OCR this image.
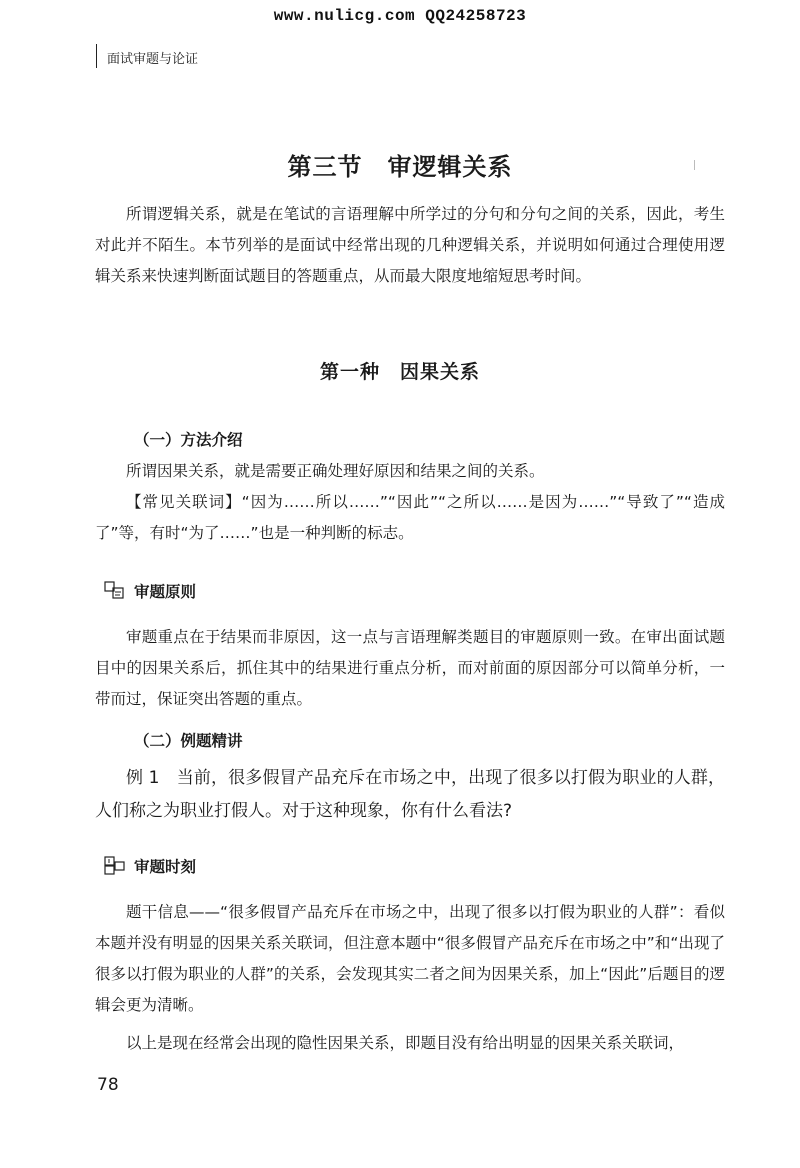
www.nulicg.com QQ24258723
面试审题与论证
第三节　审逻辑关系

所谓逻辑关系，就是在笔试的言语理解中所学过的分句和分句之间的关系，因此，考生对此并不陌生。本节列举的是面试中经常出现的几种逻辑关系，并说明如何通过合理使用逻辑关系来快速判断面试题目的答题重点，从而最大限度地缩短思考时间。

第一种　因果关系
（一）方法介绍

所谓因果关系，就是需要正确处理好原因和结果之间的关系。

【常见关联词】“因为……所以……”“因此”“之所以……是因为……”“导致了”“造成了”等，有时“为了……”也是一种判断的标志。

审题原则

审题重点在于结果而非原因，这一点与言语理解类题目的审题原则一致。在审出面试题目中的因果关系后，抓住其中的结果进行重点分析，而对前面的原因部分可以简单分析，一带而过，保证突出答题的重点。

（二）例题精讲

例 1　当前，很多假冒产品充斥在市场之中，出现了很多以打假为职业的人群，人们称之为职业打假人。对于这种现象，你有什么看法?

审题时刻

题干信息——“很多假冒产品充斥在市场之中，出现了很多以打假为职业的人群”：看似本题并没有明显的因果关系关联词，但注意本题中“很多假冒产品充斥在市场之中”和“出现了很多以打假为职业的人群”的关系，会发现其实二者之间为因果关系，加上“因此”后题目的逻辑会更为清晰。

以上是现在经常会出现的隐性因果关系，即题目没有给出明显的因果关系关联词，

78
